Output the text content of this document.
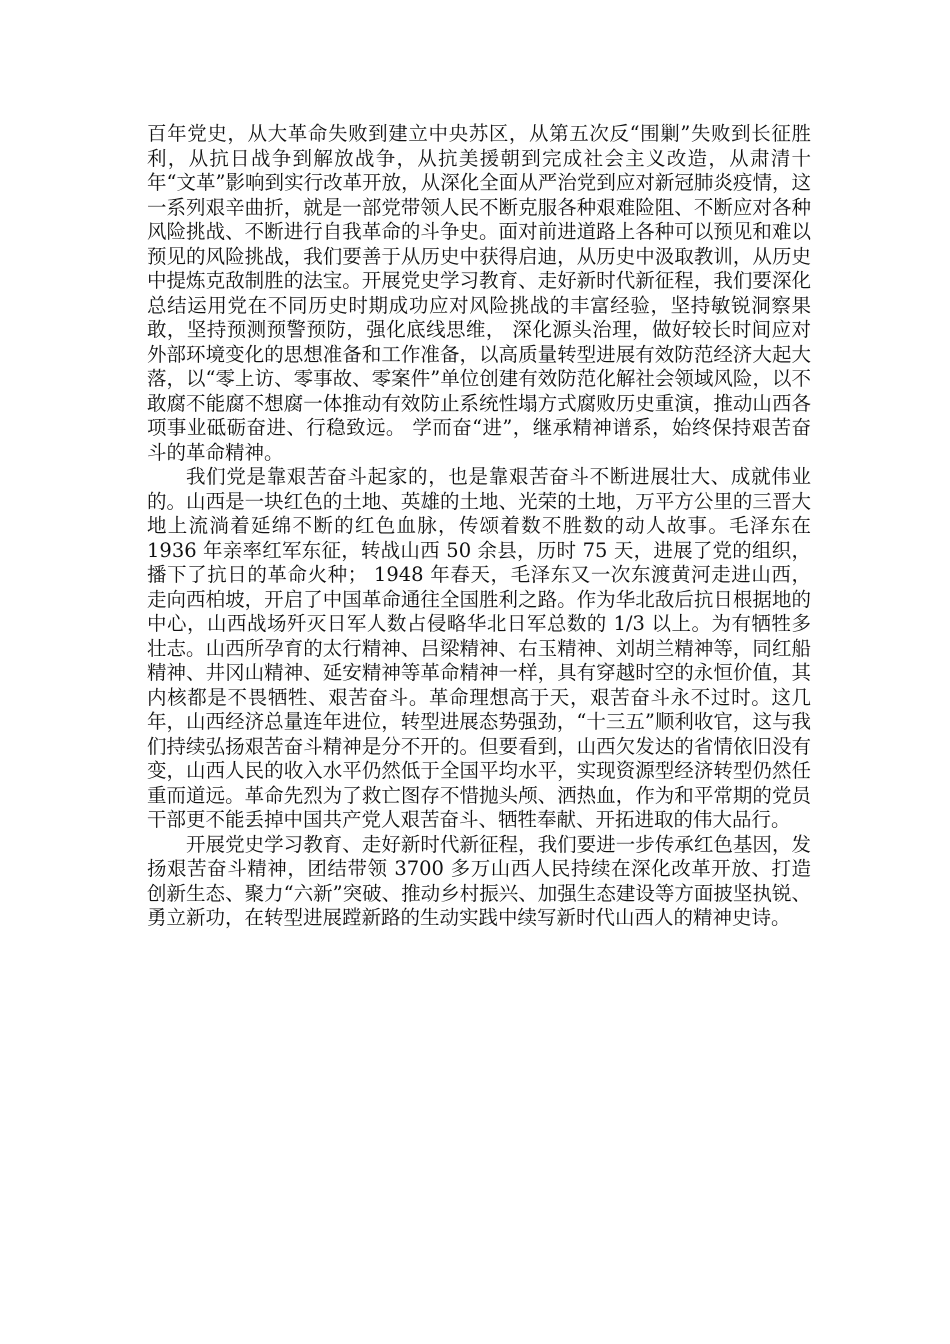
百年党史，从大革命失败到建立中央苏区，从第五次反“围剿”失败到长征胜利，从抗日战争到解放战争，从抗美援朝到完成社会主义改造，从肃清十年“文革”影响到实行改革开放，从深化全面从严治党到应对新冠肺炎疫情，这一系列艰辛曲折，就是一部党带领人民不断克服各种艰难险阻、不断应对各种风险挑战、不断进行自我革命的斗争史。面对前进道路上各种可以预见和难以预见的风险挑战，我们要善于从历史中获得启迪，从历史中汲取教训，从历史中提炼克敌制胜的法宝。开展党史学习教育、走好新时代新征程，我们要深化总结运用党在不同历史时期成功应对风险挑战的丰富经验，坚持敏锐洞察果敢，坚持预测预警预防，强化底线思维， 深化源头治理，做好较长时间应对外部环境变化的思想准备和工作准备，以高质量转型进展有效防范经济大起大落，以“零上访、零事故、零案件”单位创建有效防范化解社会领域风险，以不敢腐不能腐不想腐一体推动有效防止系统性塌方式腐败历史重演，推动山西各项事业砥砺奋进、行稳致远。 学而奋“进”，继承精神谱系，始终保持艰苦奋斗的革命精神。

我们党是靠艰苦奋斗起家的，也是靠艰苦奋斗不断进展壮大、成就伟业的。山西是一块红色的土地、英雄的土地、光荣的土地，万平方公里的三晋大地上流淌着延绵不断的红色血脉，传颂着数不胜数的动人故事。毛泽东在 1936 年亲率红军东征，转战山西 50 余县，历时 75 天，进展了党的组织，播下了抗日的革命火种； 1948 年春天，毛泽东又一次东渡黄河走进山西，走向西柏坡，开启了中国革命通往全国胜利之路。作为华北敌后抗日根据地的中心，山西战场歼灭日军人数占侵略华北日军总数的 1/3 以上。为有牺牲多壮志。山西所孕育的太行精神、吕梁精神、右玉精神、刘胡兰精神等，同红船精神、井冈山精神、延安精神等革命精神一样，具有穿越时空的永恒价值，其内核都是不畏牺牲、艰苦奋斗。革命理想高于天，艰苦奋斗永不过时。这几年，山西经济总量连年进位，转型进展态势强劲，“十三五”顺利收官，这与我们持续弘扬艰苦奋斗精神是分不开的。但要看到，山西欠发达的省情依旧没有变，山西人民的收入水平仍然低于全国平均水平，实现资源型经济转型仍然任重而道远。革命先烈为了救亡图存不惜抛头颅、洒热血，作为和平常期的党员干部更不能丢掉中国共产党人艰苦奋斗、牺牲奉献、开拓进取的伟大品行。

开展党史学习教育、走好新时代新征程，我们要进一步传承红色基因，发扬艰苦奋斗精神，团结带领 3700 多万山西人民持续在深化改革开放、打造创新生态、聚力“六新”突破、推动乡村振兴、加强生态建设等方面披坚执锐、勇立新功，在转型进展蹚新路的生动实践中续写新时代山西人的精神史诗。
